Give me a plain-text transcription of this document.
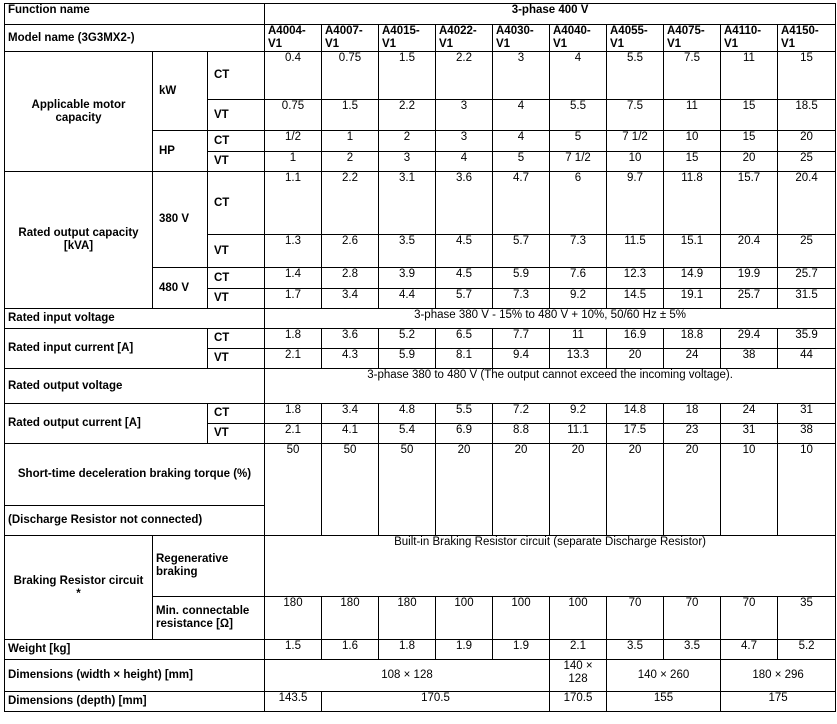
Function name			3-phase 400 V									
Model name (3G3MX2-)			A4004-V1	A4007-V1	A4015-V1	A4022-V1	A4030-V1	A4040-V1	A4055-V1	A4075-V1	A4110-V1	A4150-V1
Applicable motor capacity	kW	CT	0.4	0.75	1.5	2.2	3	4	5.5	7.5	11	15
		VT	0.75	1.5	2.2	3	4	5.5	7.5	11	15	18.5
	HP	CT	1/2	1	2	3	4	5	7 1/2	10	15	20
		VT	1	2	3	4	5	7 1/2	10	15	20	25
Rated output capacity [kVA]	380 V	CT	1.1	2.2	3.1	3.6	4.7	6	9.7	11.8	15.7	20.4
		VT	1.3	2.6	3.5	4.5	5.7	7.3	11.5	15.1	20.4	25
	480 V	CT	1.4	2.8	3.9	4.5	5.9	7.6	12.3	14.9	19.9	25.7
		VT	1.7	3.4	4.4	5.7	7.3	9.2	14.5	19.1	25.7	31.5
Rated input voltage			3-phase 380 V - 15% to 480 V + 10%, 50/60 Hz ± 5%									
Rated input current [A]		CT	1.8	3.6	5.2	6.5	7.7	11	16.9	18.8	29.4	35.9
		VT	2.1	4.3	5.9	8.1	9.4	13.3	20	24	38	44
Rated output voltage			3-phase 380 to 480 V (The output cannot exceed the incoming voltage).									
Rated output current [A]		CT	1.8	3.4	4.8	5.5	7.2	9.2	14.8	18	24	31
		VT	2.1	4.1	5.4	6.9	8.8	11.1	17.5	23	31	38
Short-time deceleration braking torque (%)			50	50	50	20	20	20	20	20	10	10
(Discharge Resistor not connected)												
Braking Resistor circuit
*	Regenerative braking		Built-in Braking Resistor circuit (separate Discharge Resistor)									
	Min. connectable resistance [Ω]		180	180	180	100	100	100	70	70	70	35
Weight [kg]			1.5	1.6	1.8	1.9	1.9	2.1	3.5	3.5	4.7	5.2
Dimensions (width × height) [mm]			108 × 128					140 × 128	140 × 260		180 × 296	
Dimensions (depth) [mm]			143.5	170.5				170.5	155		175	
